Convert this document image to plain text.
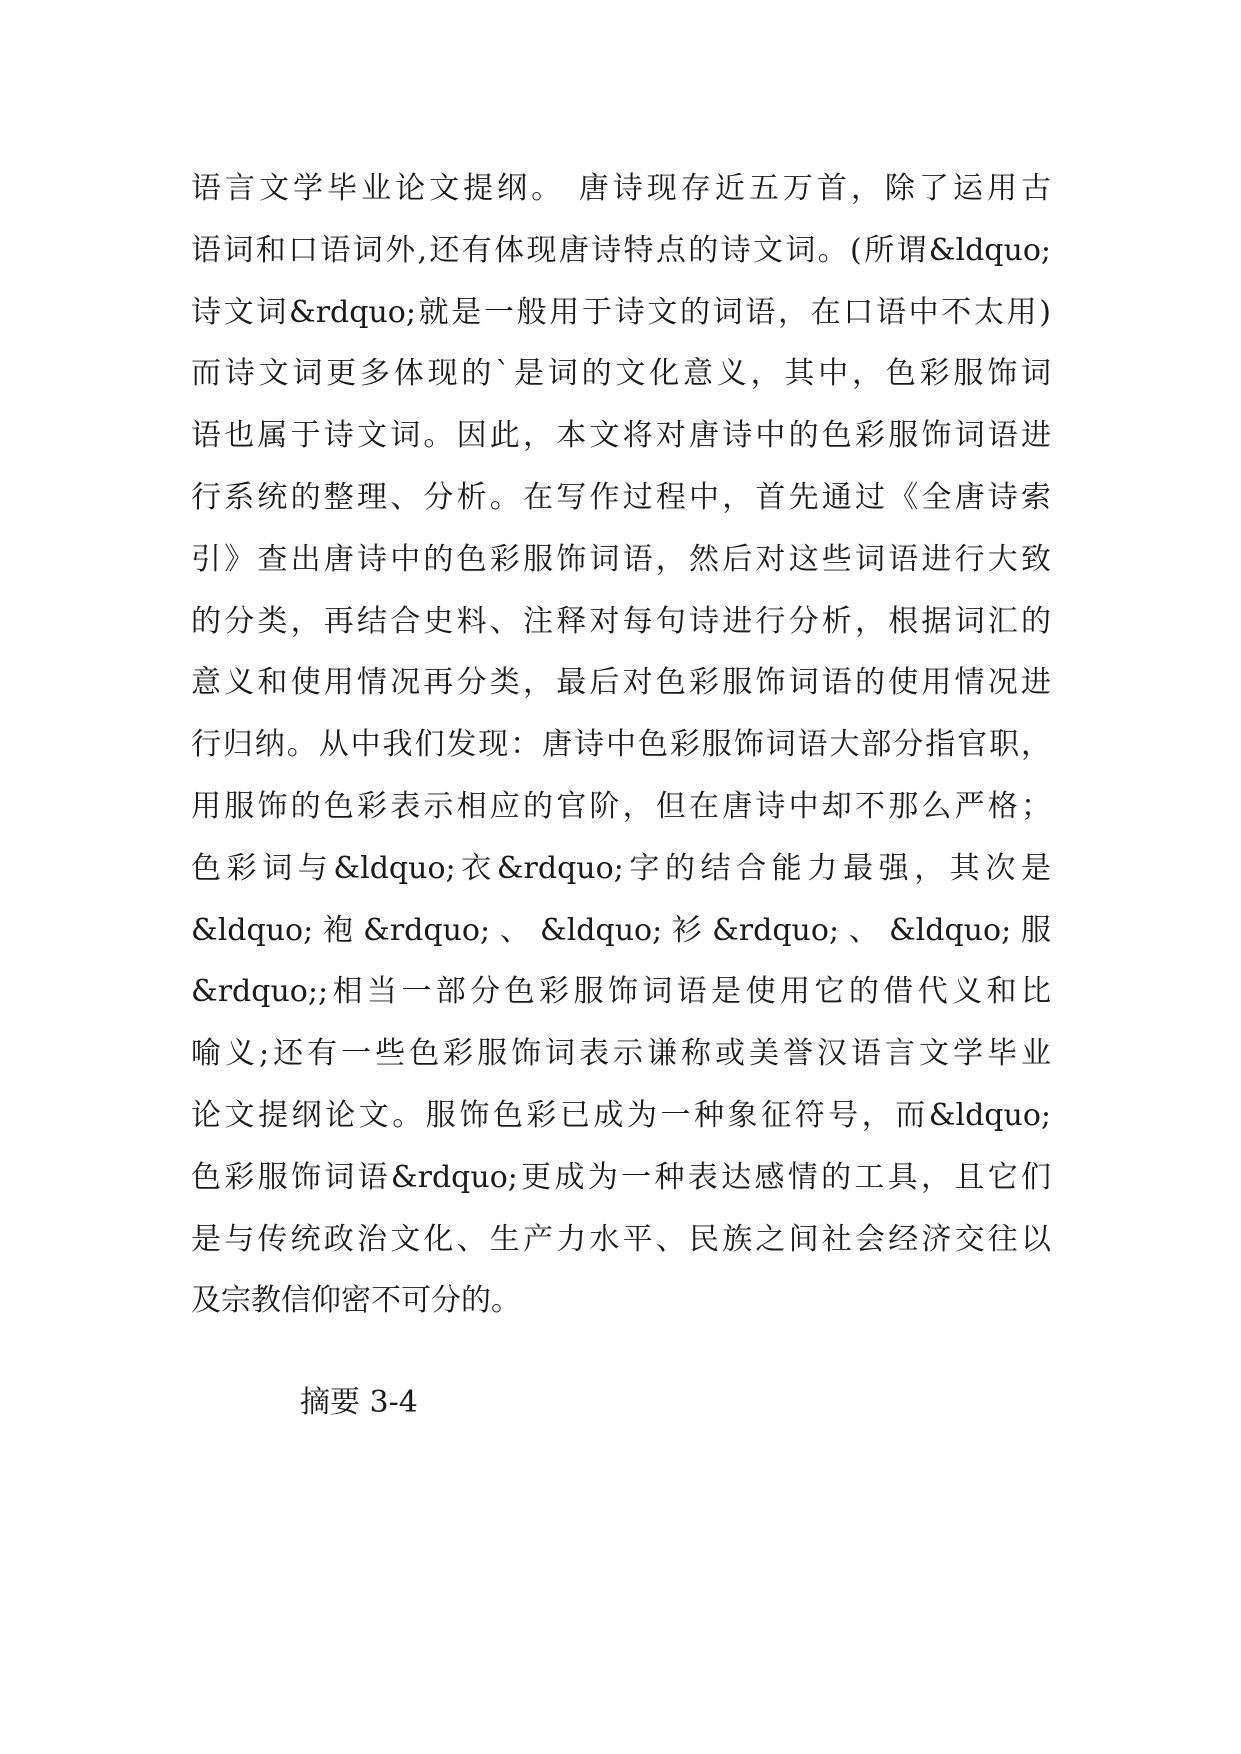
语言文学毕业论文提纲。 唐诗现存近五万首，除了运用古
语词和口语词外,还有体现唐诗特点的诗文词。(所谓&ldquo;
诗文词&rdquo;就是一般用于诗文的词语，在口语中不太用)
而诗文词更多体现的`是词的文化意义，其中，色彩服饰词
语也属于诗文词。因此，本文将对唐诗中的色彩服饰词语进
行系统的整理、分析。在写作过程中，首先通过《全唐诗索
引》查出唐诗中的色彩服饰词语，然后对这些词语进行大致
的分类，再结合史料、注释对每句诗进行分析，根据词汇的
意义和使用情况再分类，最后对色彩服饰词语的使用情况进
行归纳。从中我们发现：唐诗中色彩服饰词语大部分指官职，
用服饰的色彩表示相应的官阶，但在唐诗中却不那么严格；
色彩词与&ldquo;衣&rdquo;字的结合能力最强，其次是
&ldquo; 袍 &rdquo; 、 &ldquo; 衫 &rdquo; 、 &ldquo; 服
&rdquo;;相当一部分色彩服饰词语是使用它的借代义和比
喻义;还有一些色彩服饰词表示谦称或美誉汉语言文学毕业
论文提纲论文。服饰色彩已成为一种象征符号，而&ldquo;
色彩服饰词语&rdquo;更成为一种表达感情的工具，且它们
是与传统政治文化、生产力水平、民族之间社会经济交往以
及宗教信仰密不可分的。

摘要 3-4
